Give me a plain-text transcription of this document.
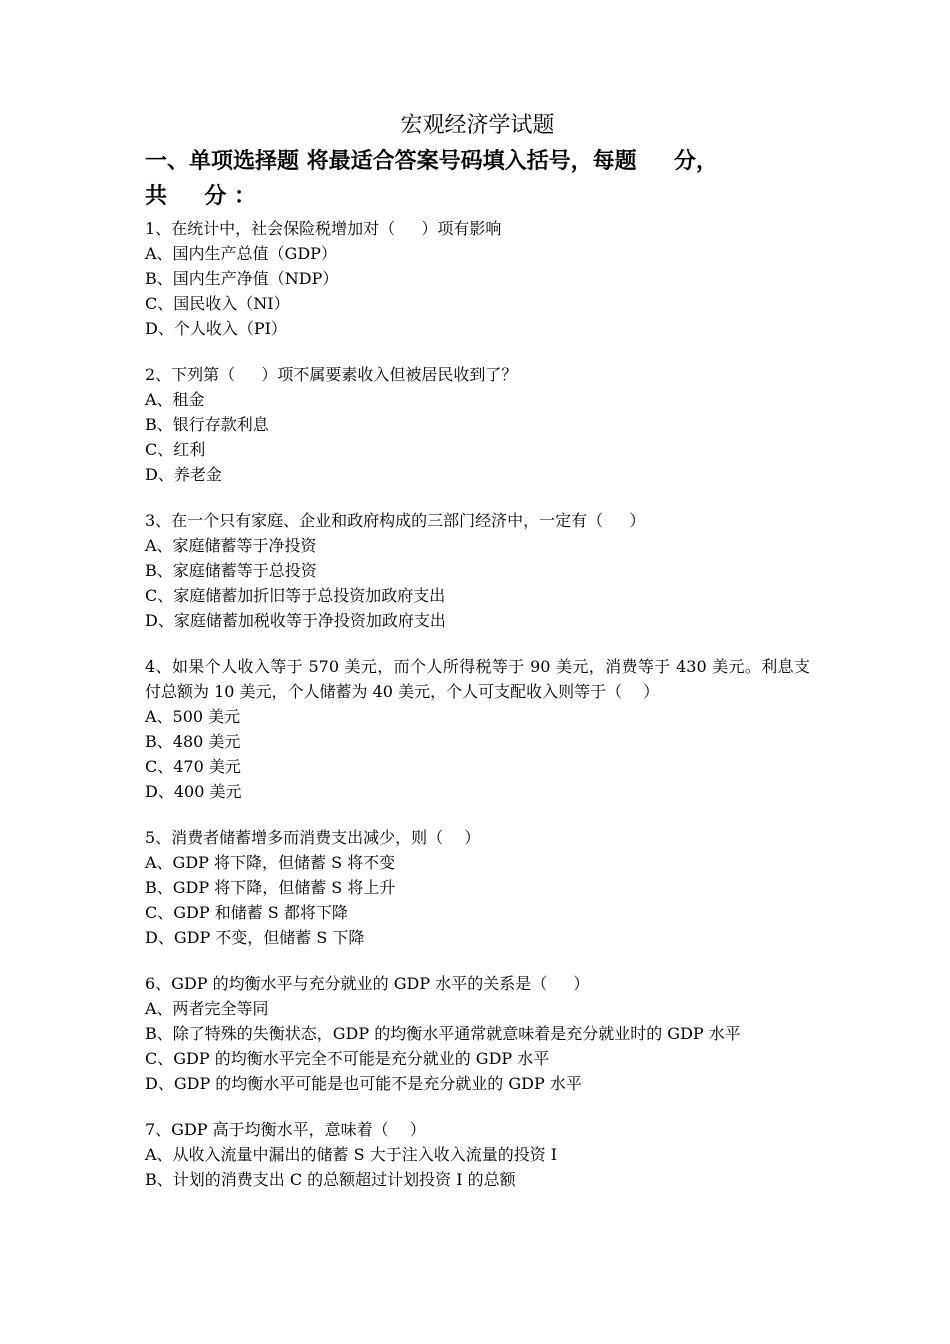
宏观经济学试题
一、单项选择题 将最适合答案号码填入括号，每题 　 分，
共 　 分 ：

1、在统计中，社会保险税增加对（ 　 ）项有影响

A、国内生产总值（GDP）

B、国内生产净值（NDP）

C、国民收入（NI）

D、个人收入（PI）

2、下列第（ 　 ）项不属要素收入但被居民收到了？

A、租金

B、银行存款利息

C、红利

D、养老金

3、在一个只有家庭、企业和政府构成的三部门经济中，一定有（ 　 ）

A、家庭储蓄等于净投资

B、家庭储蓄等于总投资

C、家庭储蓄加折旧等于总投资加政府支出

D、家庭储蓄加税收等于净投资加政府支出

4、如果个人收入等于 570 美元，而个人所得税等于 90 美元，消费等于 430 美元。利息支付总额为 10 美元，个人储蓄为 40 美元，个人可支配收入则等于（ 　）

A、500 美元

B、480 美元

C、470 美元

D、400 美元

5、消费者储蓄增多而消费支出减少，则（ 　）

A、GDP 将下降，但储蓄 S 将不变

B、GDP 将下降，但储蓄 S 将上升

C、GDP 和储蓄 S 都将下降

D、GDP 不变，但储蓄 S 下降

6、GDP 的均衡水平与充分就业的 GDP 水平的关系是（ 　 ）

A、两者完全等同

B、除了特殊的失衡状态，GDP 的均衡水平通常就意味着是充分就业时的 GDP 水平

C、GDP 的均衡水平完全不可能是充分就业的 GDP 水平

D、GDP 的均衡水平可能是也可能不是充分就业的 GDP 水平

7、GDP 高于均衡水平，意味着（ 　）

A、从收入流量中漏出的储蓄 S 大于注入收入流量的投资 I

B、计划的消费支出 C 的总额超过计划投资 I 的总额
